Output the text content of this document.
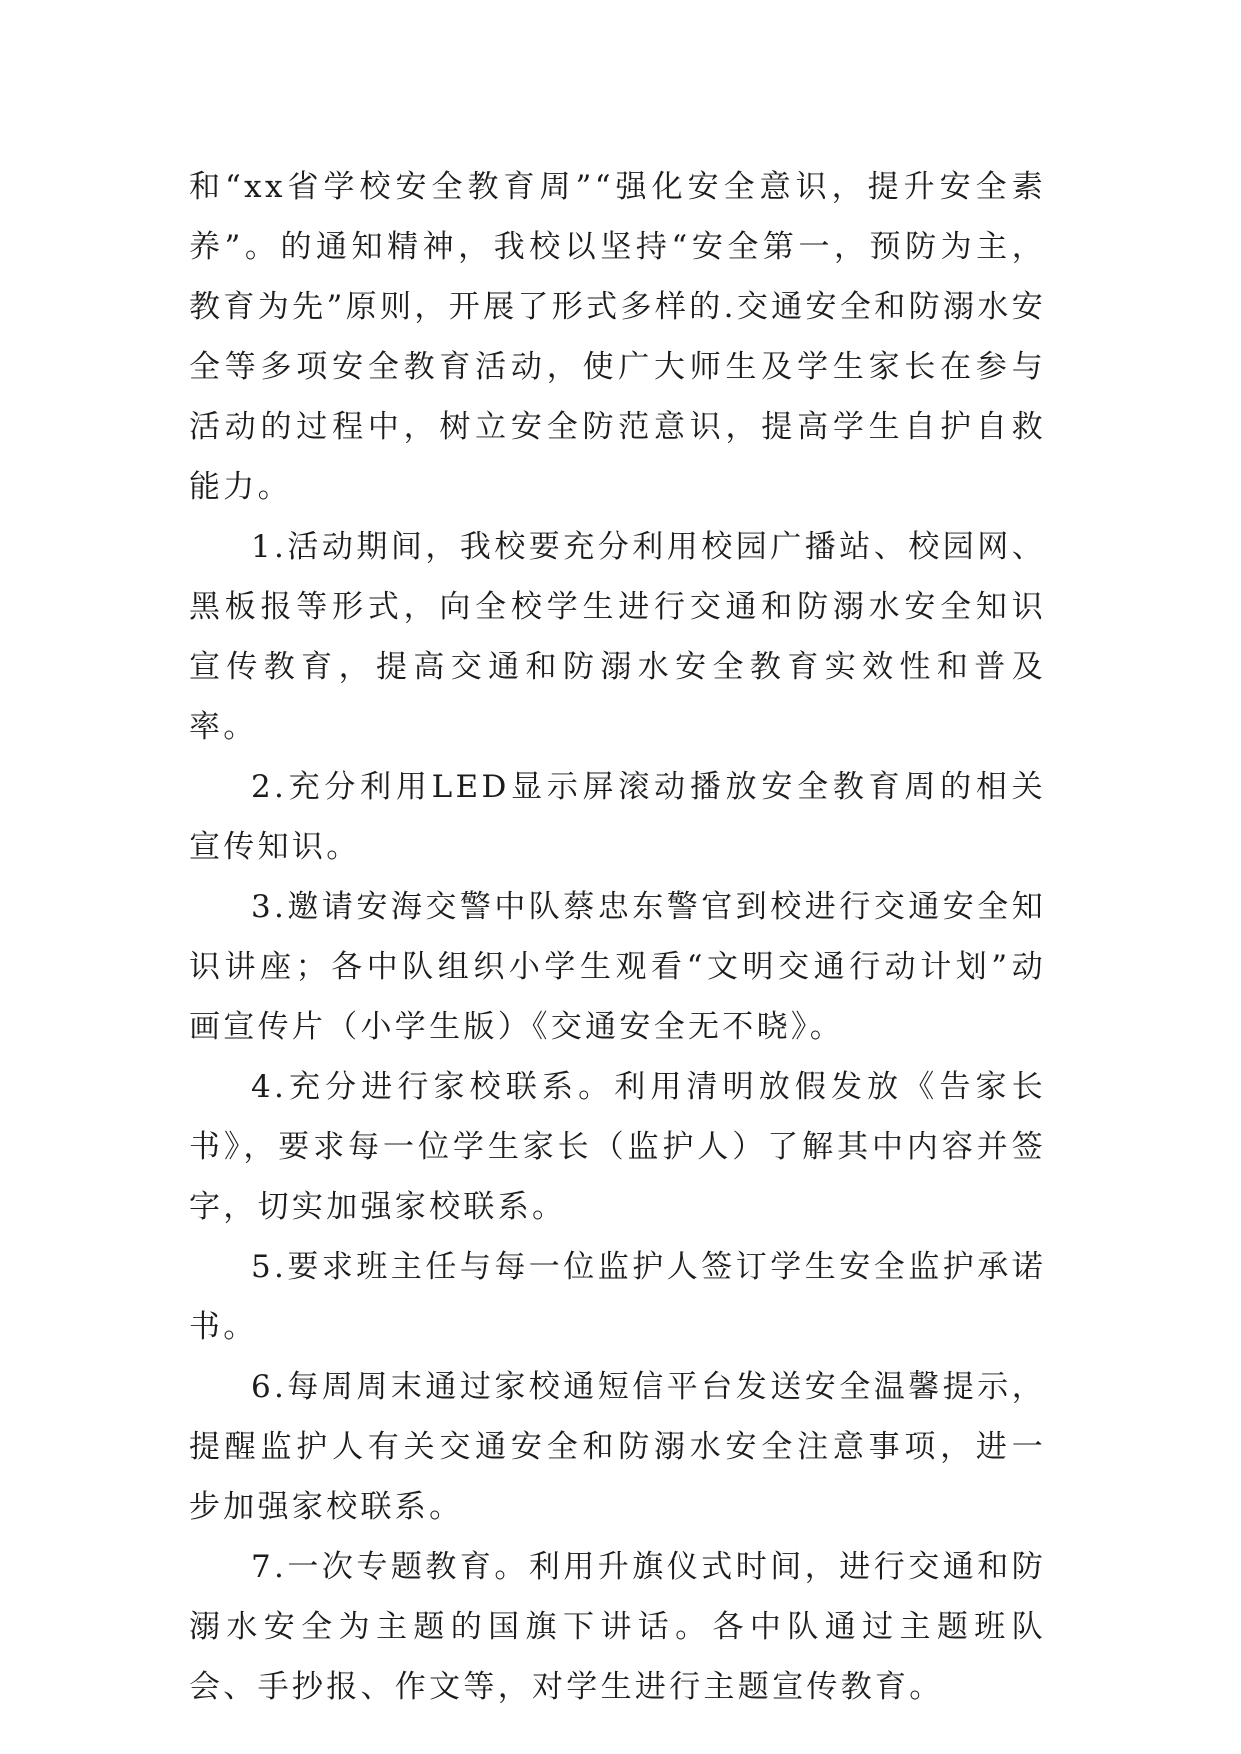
和“xx省学校安全教育周”“强化安全意识，提升安全素养”。的通知精神，我校以坚持“安全第一，预防为主，教育为先”原则，开展了形式多样的.交通安全和防溺水安全等多项安全教育活动，使广大师生及学生家长在参与活动的过程中，树立安全防范意识，提高学生自护自救能力。

1.活动期间，我校要充分利用校园广播站、校园网、黑板报等形式，向全校学生进行交通和防溺水安全知识宣传教育，提高交通和防溺水安全教育实效性和普及率。

2.充分利用LED显示屏滚动播放安全教育周的相关宣传知识。

3.邀请安海交警中队蔡忠东警官到校进行交通安全知识讲座；各中队组织小学生观看“文明交通行动计划”动画宣传片（小学生版）《交通安全无不晓》。

4.充分进行家校联系。利用清明放假发放《告家长书》，要求每一位学生家长（监护人）了解其中内容并签字，切实加强家校联系。

5.要求班主任与每一位监护人签订学生安全监护承诺书。

6.每周周末通过家校通短信平台发送安全温馨提示，提醒监护人有关交通安全和防溺水安全注意事项，进一步加强家校联系。

7.一次专题教育。利用升旗仪式时间，进行交通和防溺水安全为主题的国旗下讲话。各中队通过主题班队会、手抄报、作文等，对学生进行主题宣传教育。
